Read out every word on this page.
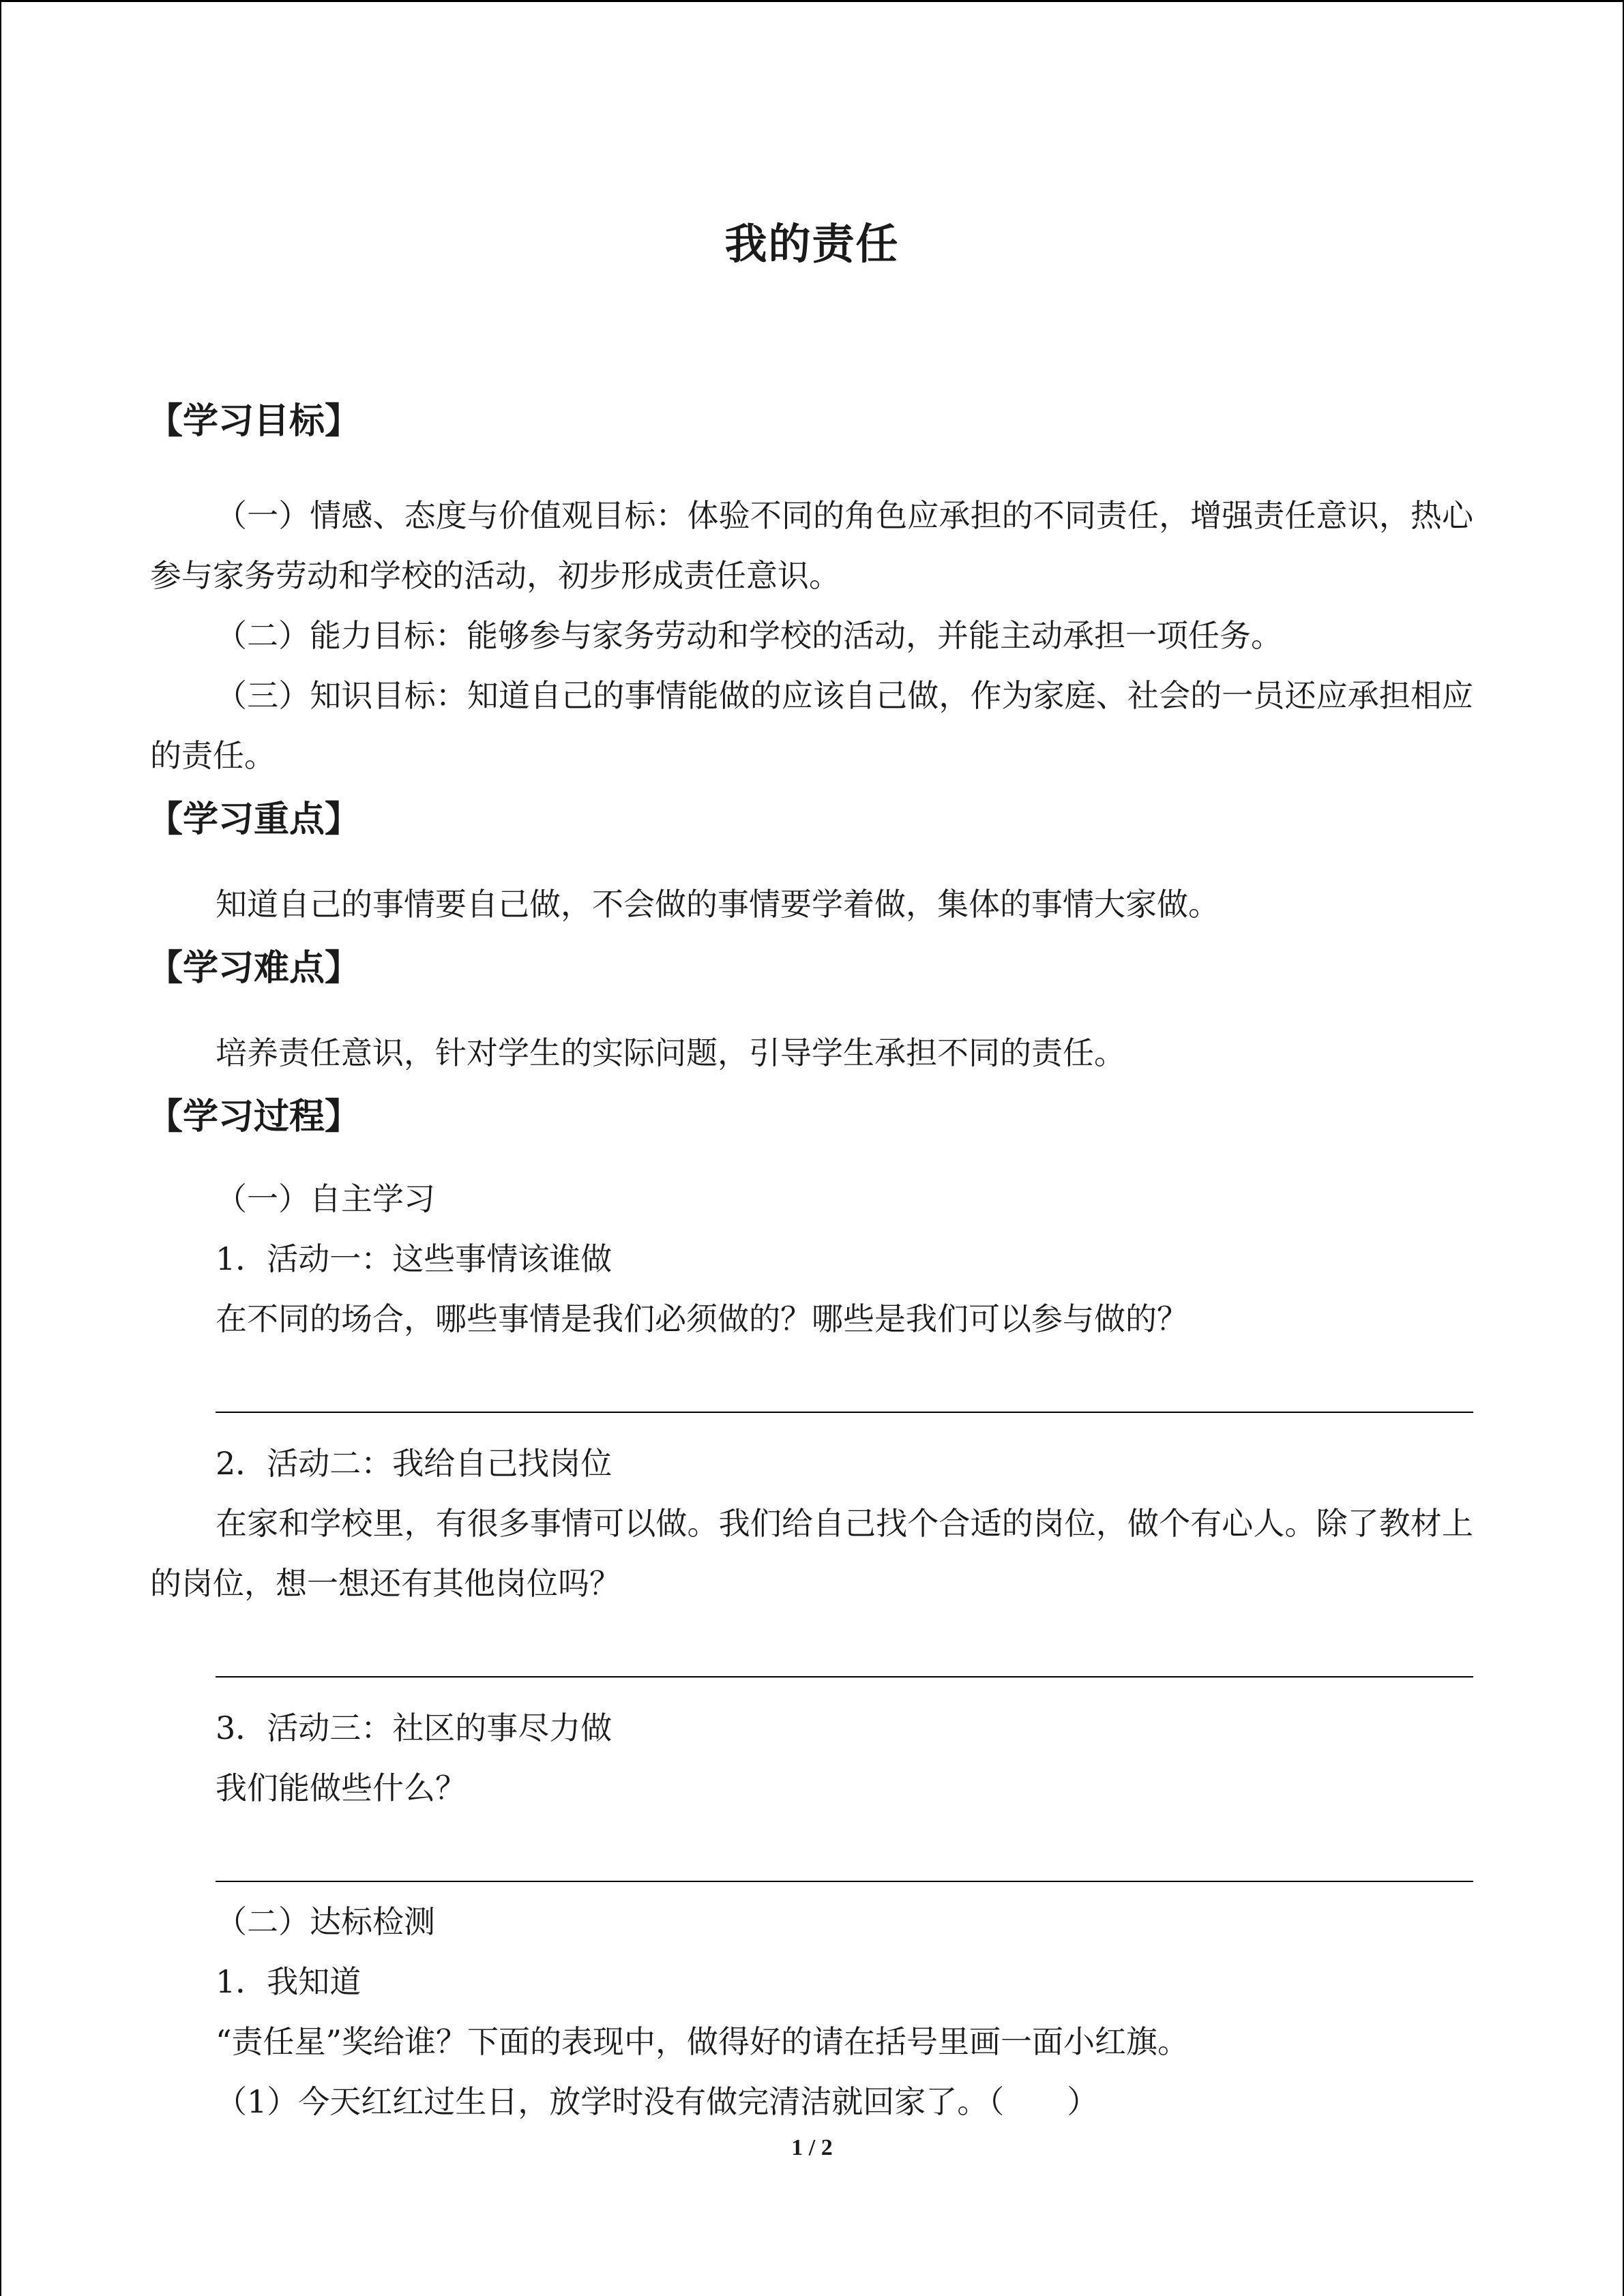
我的责任
【学习目标】
（一）情感、态度与价值观目标：体验不同的角色应承担的不同责任，增强责任意识，热心参与家务劳动和学校的活动，初步形成责任意识。
（二）能力目标：能够参与家务劳动和学校的活动，并能主动承担一项任务。
（三）知识目标：知道自己的事情能做的应该自己做，作为家庭、社会的一员还应承担相应的责任。
【学习重点】
知道自己的事情要自己做，不会做的事情要学着做，集体的事情大家做。
【学习难点】
培养责任意识，针对学生的实际问题，引导学生承担不同的责任。
【学习过程】
（一）自主学习
1．活动一：这些事情该谁做
在不同的场合，哪些事情是我们必须做的？哪些是我们可以参与做的？
2．活动二：我给自己找岗位
在家和学校里，有很多事情可以做。我们给自己找个合适的岗位，做个有心人。除了教材上的岗位，想一想还有其他岗位吗？
3．活动三：社区的事尽力做
我们能做些什么？
（二）达标检测
1．我知道
“责任星”奖给谁？下面的表现中，做得好的请在括号里画一面小红旗。
（1）今天红红过生日，放学时没有做完清洁就回家了。（　　）
1 / 2
